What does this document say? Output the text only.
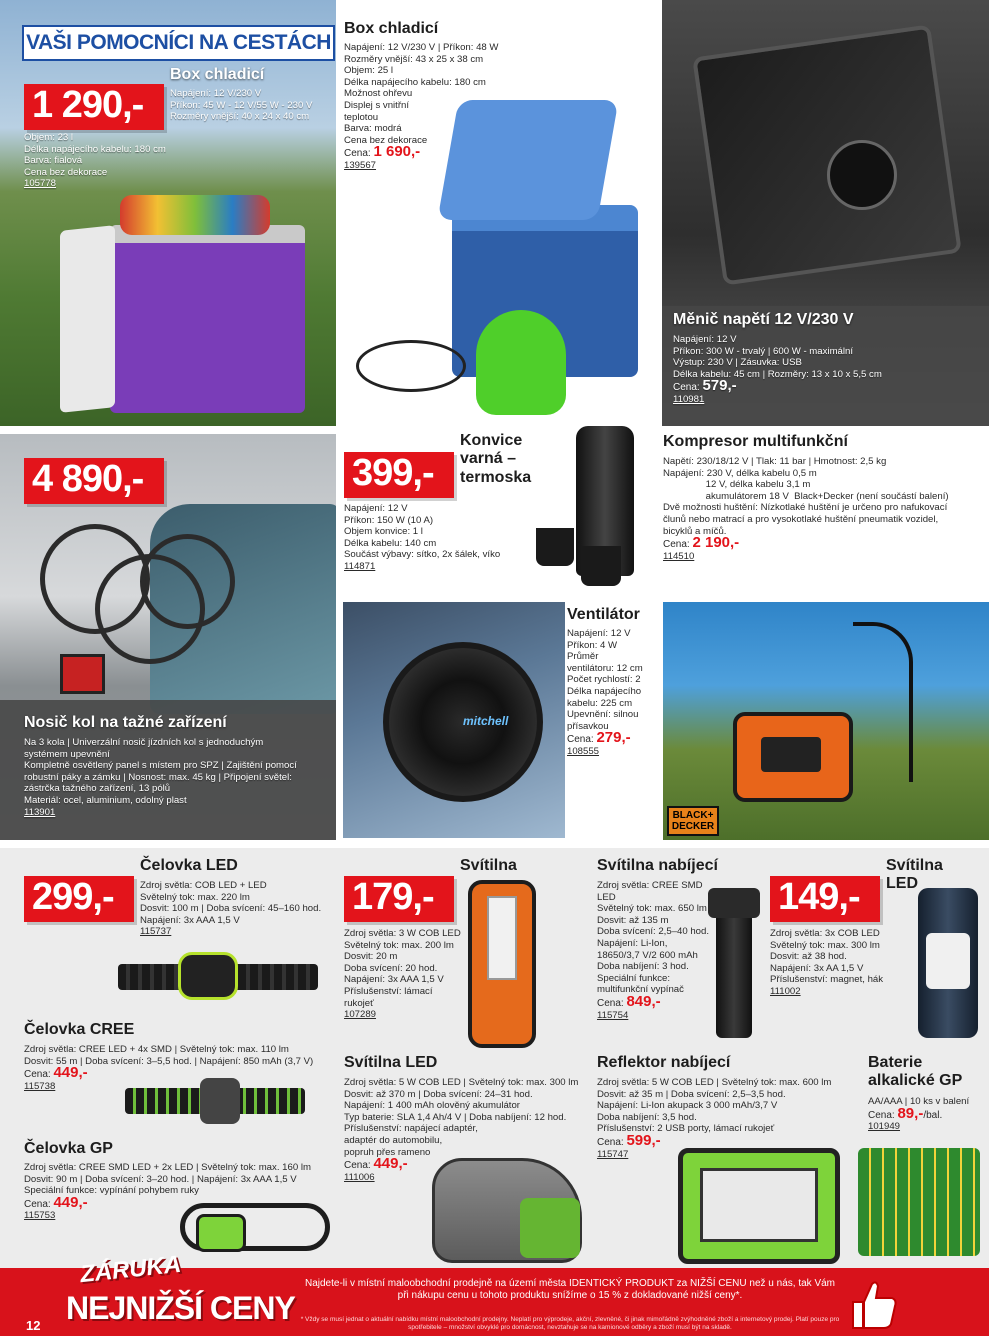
VAŠI POMOCNÍCI NA CESTÁCH
1 290,-
Box chladicí
Napájení: 12 V/230 V
Příkon: 45 W - 12 V/55 W - 230 V
Rozměry vnější: 40 x 24 x 40 cm
Objem: 23 l
Délka napájecího kabelu: 180 cm
Barva: fialová
Cena bez dekorace
105778
Box chladicí
Napájení: 12 V/230 V | Příkon: 48 W
Rozměry vnější: 43 x 25 x 38 cm
Objem: 25 l
Délka napájecího kabelu: 180 cm
Možnost ohřevu
Displej s vnitřní
teplotou
Barva: modrá
Cena bez dekorace
Cena: 1 690,-
139567
Měnič napětí 12 V/230 V
Napájení: 12 V
Příkon: 300 W - trvalý | 600 W - maximální
Výstup: 230 V | Zásuvka: USB
Délka kabelu: 45 cm | Rozměry: 13 x 10 x 5,5 cm
Cena: 579,-
110981
4 890,-
Nosič kol na tažné zařízení
Na 3 kola | Univerzální nosič jízdních kol s jednoduchým
systémem upevnění
Kompletně osvětlený panel s místem pro SPZ | Zajištění pomocí
robustní páky a zámku | Nosnost: max. 45 kg | Připojení světel:
zástrčka tažného zařízení, 13 pólů
Materiál: ocel, aluminium, odolný plast
113901
399,-
Konvice varná – termoska
Napájení: 12 V
Příkon: 150 W (10 A)
Objem konvice: 1 l
Délka kabelu: 140 cm
Součást výbavy: sítko, 2x šálek, víko
114871
Kompresor multifunkční
Napětí: 230/18/12 V | Tlak: 11 bar | Hmotnost: 2,5 kg
Napájení: 230 V, délka kabelu 0,5 m
12 V, délka kabelu 3,1 m
akumulátorem 18 V  Black+Decker (není součástí balení)
Dvě možnosti huštění: Nízkotlaké huštění je určeno pro nafukovací
člunů nebo matrací a pro vysokotlaké huštění pneumatik vozidel,
bicyklů a míčů.
Cena: 2 190,-
114510
mitchell
Ventilátor
Napájení: 12 V
Příkon: 4 W
Průměr
ventilátoru: 12 cm
Počet rychlostí: 2
Délka napájecího
kabelu: 225 cm
Upevnění: silnou
přísavkou
Cena: 279,-
108555
BLACK+ DECKER
299,-
Čelovka LED
Zdroj světla: COB LED + LED
Světelný tok: max. 220 lm
Dosvit: 100 m | Doba svícení: 45–160 hod.
Napájení: 3x AAA 1,5 V
115737
Čelovka CREE
Zdroj světla: CREE LED + 4x SMD | Světelný tok: max. 110 lm
Dosvit: 55 m | Doba svícení: 3–5,5 hod. | Napájení: 850 mAh (3,7 V)
Cena: 449,-
115738
Čelovka GP
Zdroj světla: CREE SMD LED + 2x LED | Světelný tok: max. 160 lm
Dosvit: 90 m | Doba svícení: 3–20 hod. | Napájení: 3x AAA 1,5 V
Speciální funkce: vypínání pohybem ruky
Cena: 449,-
115753
179,-
Svítilna
Zdroj světla: 3 W COB LED
Světelný tok: max. 200 lm
Dosvit: 20 m
Doba svícení: 20 hod.
Napájení: 3x AAA 1,5 V
Příslušenství: lámací
rukojeť
107289
Svítilna nabíjecí
Zdroj světla: CREE SMD LED
Světelný tok: max. 650 lm
Dosvit: až 135 m
Doba svícení: 2,5–40 hod.
Napájení: Li-Ion,
18650/3,7 V/2 600 mAh
Doba nabíjení: 3 hod.
Speciální funkce:
multifunkční vypínač
Cena: 849,-
115754
149,-
Svítilna LED
Zdroj světla: 3x COB LED
Světelný tok: max. 300 lm
Dosvit: až 38 hod.
Napájení: 3x AA 1,5 V
Příslušenství: magnet, hák
111002
Svítilna LED
Zdroj světla: 5 W COB LED | Světelný tok: max. 300 lm
Dosvit: až 370 m | Doba svícení: 24–31 hod.
Napájení: 1 400 mAh olověný akumulátor
Typ baterie: SLA 1,4 Ah/4 V | Doba nabíjení: 12 hod.
Příslušenství: napájecí adaptér,
adaptér do automobilu,
popruh přes rameno
Cena: 449,-
111006
Reflektor nabíjecí
Zdroj světla: 5 W COB LED | Světelný tok: max. 600 lm
Dosvit: až 35 m | Doba svícení: 2,5–3,5 hod.
Napájení: Li-Ion akupack 3 000 mAh/3,7 V
Doba nabíjení: 3,5 hod.
Příslušenství: 2 USB porty, lámací rukojeť
Cena: 599,-
115747
Baterie alkalické GP
AA/AAA | 10 ks v balení
Cena: 89,-/bal.
101949
ZÁRUKA
NEJNIŽŠÍ CENY
Najdete-li v místní maloobchodní prodejně na území města IDENTICKÝ PRODUKT za NIŽŠÍ CENU než u nás, tak Vám při nákupu cenu u tohoto produktu snížíme o 15 % z dokladované nižší ceny*.
* Vždy se musí jednat o aktuální nabídku místní maloobchodní prodejny. Neplatí pro výprodeje, akční, zlevněné, či jinak mimořádně zvýhodněné zboží a internetový prodej. Platí pouze pro spotřebitele – množství obvyklé pro domácnost, nevztahuje se na kamionové odběry a zboží musí být na skladě.
12
